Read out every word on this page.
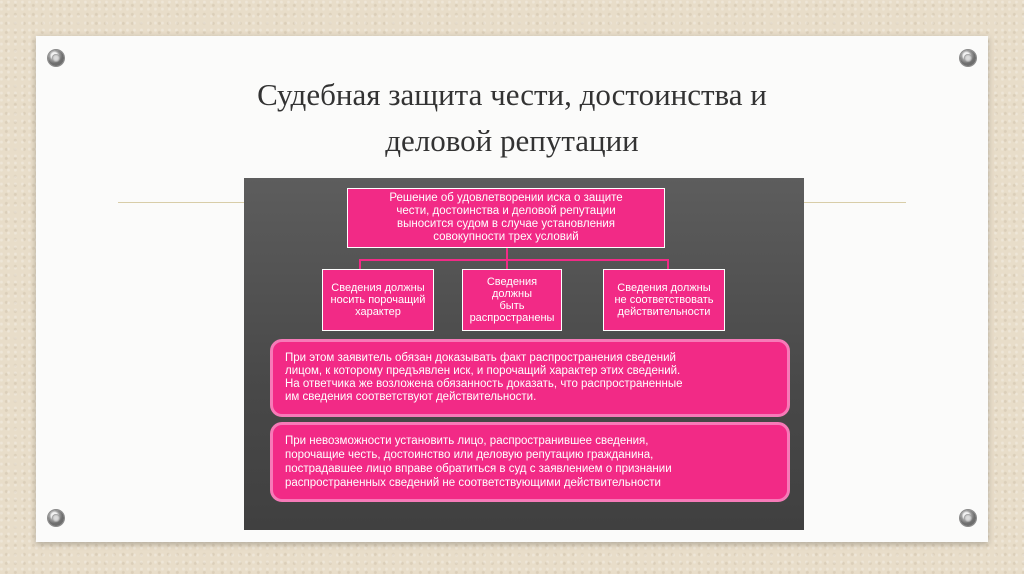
Судебная защита чести, достоинства и
деловой репутации
Решение об удовлетворении иска о защите
чести, достоинства и деловой репутации
выносится судом в случае установления
совокупности трех условий
Сведения должны
носить порочащий
характер
Сведения должны
быть
распространены
Сведения должны
не соответствовать
действительности
При этом заявитель обязан доказывать факт распространения сведений
лицом, к которому предъявлен иск, и порочащий характер этих сведений.
На ответчика же возложена обязанность доказать, что распространенные
им сведения соответствуют действительности.
При невозможности установить лицо, распространившее сведения,
порочащие честь, достоинство или деловую репутацию гражданина,
пострадавшее лицо вправе обратиться в суд с заявлением о признании
распространенных сведений не соответствующими действительности
